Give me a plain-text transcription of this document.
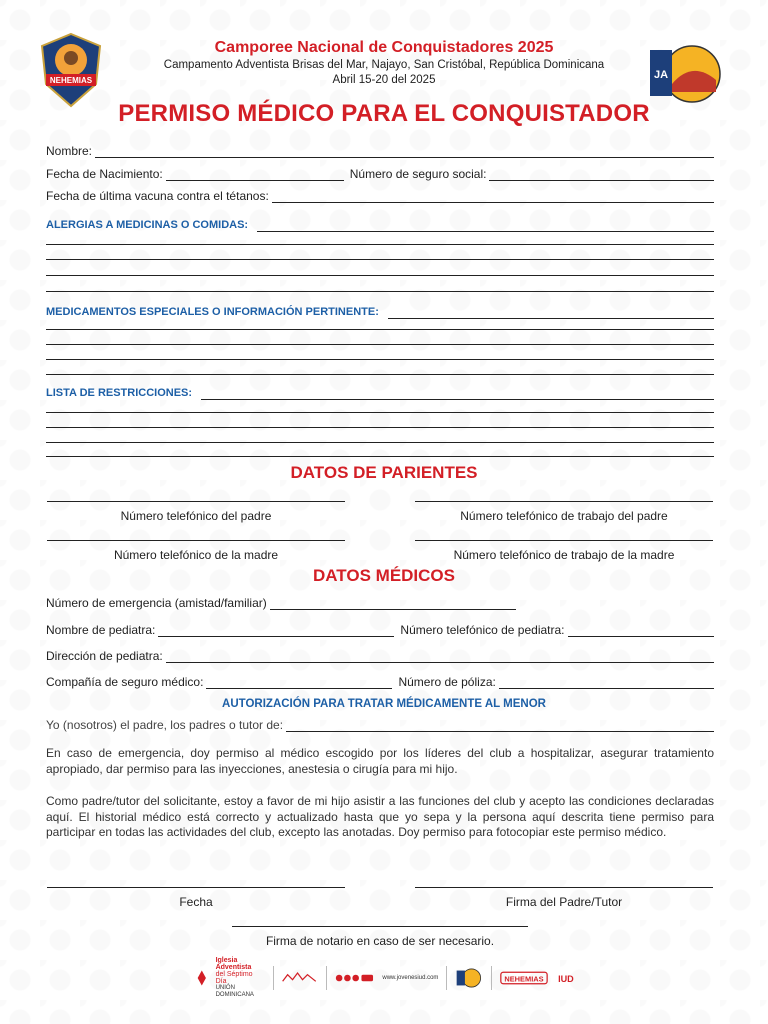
NEHEMIAS	JA
Camporee Nacional de Conquistadores 2025
Campamento Adventista Brisas del Mar, Najayo, San Cristóbal, República Dominicana
Abril 15-20 del 2025
PERMISO MÉDICO PARA EL CONQUISTADOR
Nombre:
Fecha de Nacimiento:	Número de seguro social:
Fecha de última vacuna contra el tétanos:
ALERGIAS A MEDICINAS O COMIDAS:
MEDICAMENTOS ESPECIALES O INFORMACIÓN PERTINENTE:
LISTA DE RESTRICCIONES:
DATOS DE PARIENTES
Número telefónico del padre	Número telefónico de trabajo del padre
Número telefónico de la madre	Número telefónico de trabajo de la madre
DATOS MÉDICOS
Número de emergencia (amistad/familiar)
Nombre de pediatra:	Número telefónico de pediatra:
Dirección de pediatra:
Compañía de seguro médico:	Número de póliza:
AUTORIZACIÓN PARA TRATAR MÉDICAMENTE AL MENOR
Yo (nosotros) el padre, los padres o tutor de:
En caso de emergencia, doy permiso al médico escogido por los líderes del club a hospitalizar, asegurar tratamiento apropiado, dar permiso para las inyecciones, anestesia o cirugía para mi hijo.
Como padre/tutor del solicitante, estoy a favor de mi hijo asistir a las funciones del club y acepto las condiciones declaradas aquí. El historial médico está correcto y actualizado hasta que yo sepa y la persona aquí descrita tiene permiso para participar en todas las actividades del club, excepto las anotadas. Doy permiso para fotocopiar este permiso médico.
Fecha	Firma del Padre/Tutor
Firma de notario en caso de ser necesario.
Iglesia Adventista
del Séptimo Día
UNIÓN DOMINICANA
www.jovenesiud.com	NEHEMIAS IUD
